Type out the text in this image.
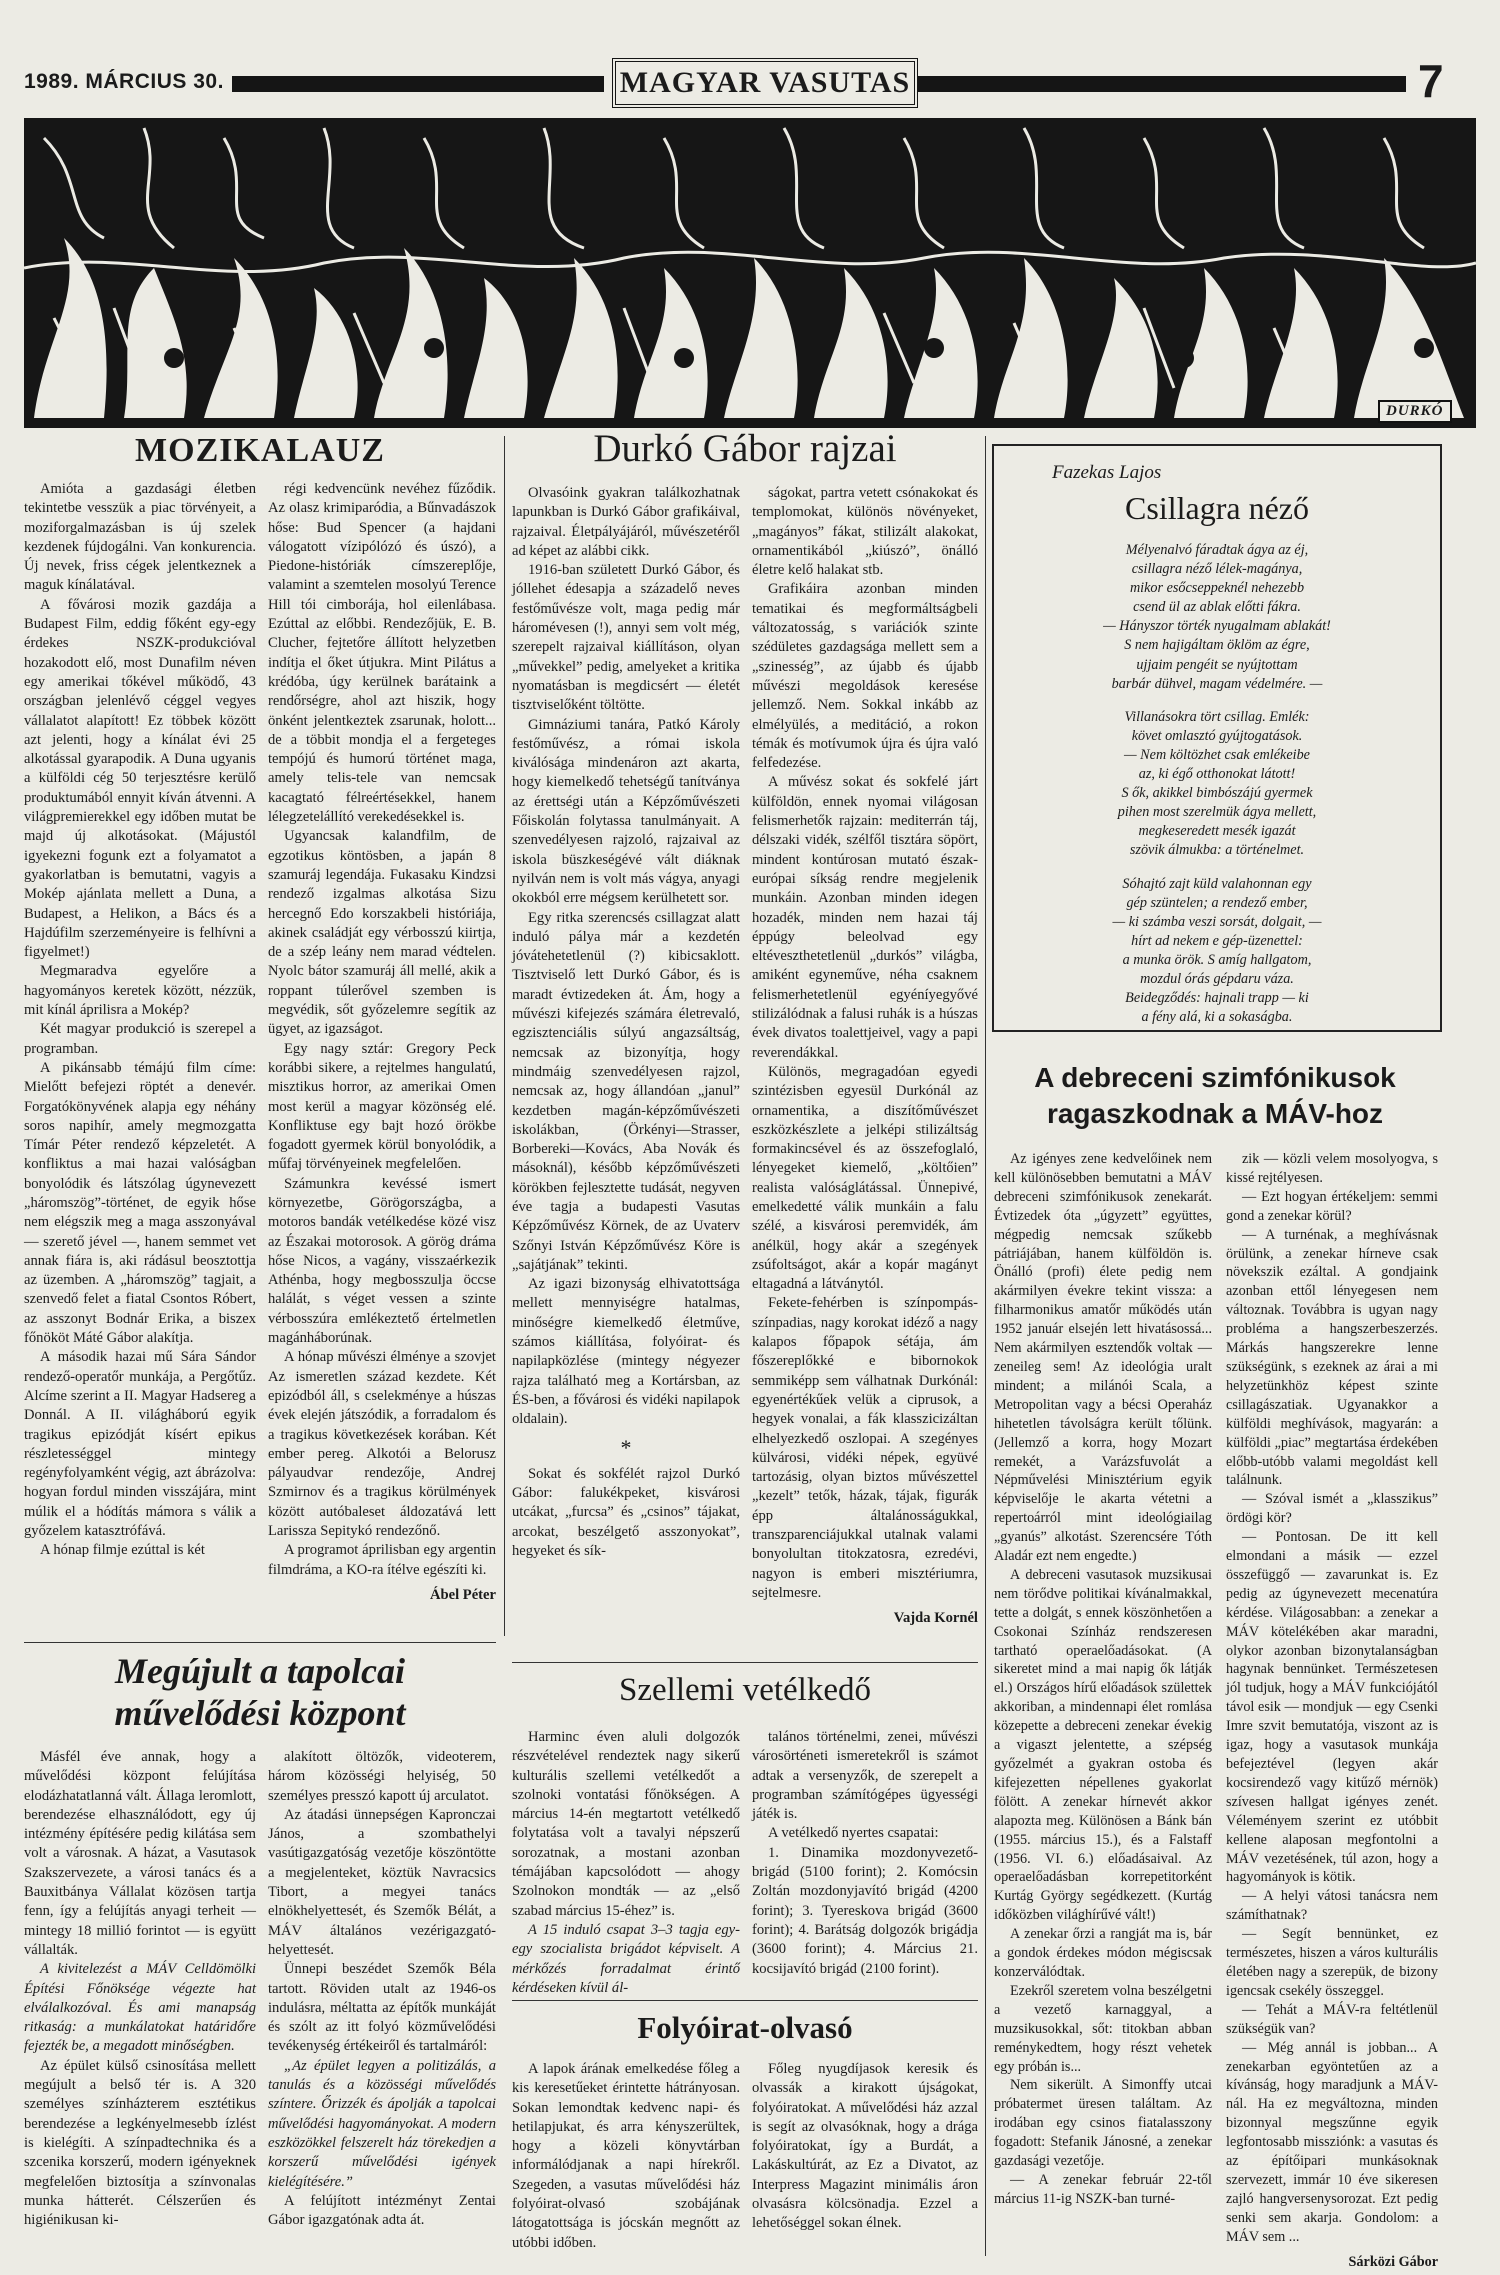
1989. MÁRCIUS 30.	MAGYAR VASUTAS	7
DURKÓ
MOZIKALAUZ

Amióta a gazdasági életben tekintetbe vesszük a piac törvényeit, a moziforgalmazásban is új szelek kezdenek fújdogálni. Van konkurencia. Új nevek, friss cégek jelentkeznek a maguk kínálatával.

A fővárosi mozik gazdája a Budapest Film, eddig főként egy-egy érdekes NSZK-produkcióval hozakodott elő, most Dunafilm néven egy amerikai tőkével működő, 43 országban jelenlévő céggel vegyes vállalatot alapított! Ez többek között azt jelenti, hogy a kínálat évi 25 alkotással gyarapodik. A Duna ugyanis a külföldi cég 50 terjesztésre kerülő produktumából ennyit kíván átvenni. A világpremierekkel egy időben mutat be majd új alkotásokat. (Májustól igyekezni fogunk ezt a folyamatot a gyakorlatban is bemutatni, vagyis a Mokép ajánlata mellett a Duna, a Budapest, a Helikon, a Bács és a Hajdúfilm szerzeményeire is felhívni a figyelmet!)

Megmaradva egyelőre a hagyományos keretek között, nézzük, mit kínál áprilisra a Mokép?

Két magyar produkció is szerepel a programban.

A pikánsabb témájú film címe: Mielőtt befejezi röptét a denevér. Forgatókönyvének alapja egy néhány soros napihír, amely megmozgatta Tímár Péter rendező képzeletét. A konfliktus a mai hazai valóságban bonyolódik és látszólag úgynevezett „háromszög”-történet, de egyik hőse nem elégszik meg a maga asszonyával — szerető jével —, hanem semmet vet annak fiára is, aki rádásul beosztottja az üzemben. A „háromszög” tagjait, a szenvedő felet a fiatal Csontos Róbert, az asszonyt Bodnár Erika, a biszex főnököt Máté Gábor alakítja.

A második hazai mű Sára Sándor rendező-operatőr munkája, a Pergőtűz. Alcíme szerint a II. Magyar Hadsereg a Donnál. A II. világháború egyik tragikus epizódját kísért epikus részletességgel mintegy regényfolyamként végig, azt ábrázolva: hogyan fordul minden visszájára, mint múlik el a hódítás mámora s válik a győzelem katasztrófává.

A hónap filmje ezúttal is két

régi kedvencünk nevéhez fűződik. Az olasz krimiparódia, a Bűnvadászok hőse: Bud Spencer (a hajdani válogatott vízipólózó és úszó), a Piedone-históriák címszereplője, valamint a szemtelen mosolyú Terence Hill tói cimborája, hol eilenlábasa. Ezúttal az előbbi. Rendezőjük, E. B. Clucher, fejtetőre állított helyzetben indítja el őket útjukra. Mint Pilátus a krédóba, úgy kerülnek barátaink a rendőrségre, ahol azt hiszik, hogy önként jelentkeztek zsarunak, holott... de a többit mondja el a fergeteges tempójú és humorú történet maga, amely telis-tele van nemcsak kacagtató félreértésekkel, hanem lélegzetelállító verekedésekkel is.

Ugyancsak kalandfilm, de egzotikus köntösben, a japán 8 szamuráj legendája. Fukasaku Kindzsi rendező izgalmas alkotása Sizu hercegnő Edo korszakbeli históriája, akinek családját egy vérbosszú kiirtja, de a szép leány nem marad védtelen. Nyolc bátor szamuráj áll mellé, akik a roppant túlerővel szemben is megvédik, sőt győzelemre segítik az ügyet, az igazságot.

Egy nagy sztár: Gregory Peck korábbi sikere, a rejtelmes hangulatú, misztikus horror, az amerikai Omen most kerül a magyar közönség elé. Konfliktuse egy bajt hozó örökbe fogadott gyermek körül bonyolódik, a műfaj törvényeinek megfelelően.

Számunkra kevéssé ismert környezetbe, Görögországba, a motoros bandák vetélkedése közé visz az Északai motorosok. A görög dráma hőse Nicos, a vagány, visszaérkezik Athénba, hogy megbosszulja öccse halálát, s véget vessen a szinte vérbosszúra emlékeztető értelmetlen magánháborúnak.

A hónap művészi élménye a szovjet Az ismeretlen század kezdete. Két epizódból áll, s cselekménye a húszas évek elején játszódik, a forradalom és a tragikus következések korában. Két ember pereg. Alkotói a Belorusz pályaudvar rendezője, Andrej Szmirnov és a tragikus körülmények között autóbaleset áldozatává lett Larissza Sepitykó rendezőnő.

A programot áprilisban egy argentin filmdráma, a KO-ra ítélve egészíti ki.

Ábel Péter

Durkó Gábor rajzai

Olvasóink gyakran találkozhatnak lapunkban is Durkó Gábor grafikáival, rajzaival. Életpályájáról, művészetéről ad képet az alábbi cikk.

1916-ban született Durkó Gábor, és jóllehet édesapja a századelő neves festőművésze volt, maga pedig már háromévesen (!), annyi sem volt még, szerepelt rajzaival kiállításon, olyan „művekkel” pedig, amelyeket a kritika nyomatásban is megdicsért — életét tisztviselőként töltötte.

Gimnáziumi tanára, Patkó Károly festőművész, a római iskola kiválósága mindenáron azt akarta, hogy kiemelkedő tehetségű tanítványa az érettségi után a Képzőművészeti Főiskolán folytassa tanulmányait. A szenvedélyesen rajzoló, rajzaival az iskola büszkeségévé vált diáknak nyilván nem is volt más vágya, anyagi okokból erre mégsem kerülhetett sor.

Egy ritka szerencsés csillagzat alatt induló pálya már a kezdetén jóvátehetetlenül (?) kibicsaklott. Tisztviselő lett Durkó Gábor, és is maradt évtizedeken át. Ám, hogy a művészi kifejezés számára életrevaló, egzisztenciális súlyú angazsáltság, nemcsak az bizonyítja, hogy mindmáig szenvedélyesen rajzol, nemcsak az, hogy állandóan „janul” kezdetben magán-képzőművészeti iskolákban, (Örkényi—Strasser, Borbereki—Kovács, Aba Novák és másoknál), később képzőművészeti körökben fejlesztette tudását, negyven éve tagja a budapesti Vasutas Képzőművész Körnek, de az Uvaterv Szőnyi István Képzőművész Köre is „sajátjának” tekinti.

Az igazi bizonyság elhivatottsága mellett mennyiségre hatalmas, minőségre kiemelkedő életműve, számos kiállítása, folyóirat- és napilapközlése (mintegy négyezer rajza található meg a Kortársban, az ÉS-ben, a fővárosi és vidéki napilapok oldalain).

*

Sokat és sokfélét rajzol Durkó Gábor: falukékpeket, kisvárosi utcákat, „furcsa” és „csinos” tájakat, arcokat, beszélgető asszonyokat”, hegyeket és sík-

ságokat, partra vetett csónakokat és templomokat, különös növényeket, „magányos” fákat, stilizált alakokat, ornamentikából „kiúszó”, önálló életre kelő halakat stb.

Grafikáira azonban minden tematikai és megformáltságbeli változatosság, s variációk szinte szédületes gazdagsága mellett sem a „szinesség”, az újabb és újabb művészi megoldások keresése jellemző. Nem. Sokkal inkább az elmélyülés, a meditáció, a rokon témák és motívumok újra és újra való felfedezése.

A művész sokat és sokfelé járt külföldön, ennek nyomai világosan felismerhetők rajzain: mediterrán táj, délszaki vidék, szélfől tisztára söpört, mindent kontúrosan mutató észak-európai síkság rendre megjelenik munkáin. Azonban minden idegen hozadék, minden nem hazai táj éppúgy beleolvad egy eltéveszthetetlenül „durkós” világba, amiként egyneműve, néha csaknem felismerhetetlenül egyéníyegyővé stilizálódnak a falusi ruhák is a húszas évek divatos toalettjeivel, vagy a papi reverendákkal.

Különös, megragadóan egyedi szintézisben egyesül Durkónál az ornamentika, a diszítőművészet eszközkészlete a jelképi stilizáltság formakincsével és az összefoglaló, lényegeket kiemelő, „költőien” realista valóságlátással. Ünnepivé, emelkedetté válik munkáin a falu szélé, a kisvárosi peremvidék, ám anélkül, hogy akár a szegények zsúfoltságot, akár a kopár magányt eltagadná a látványtól.

Fekete-fehérben is színpompás-színpadias, nagy korokat idéző a nagy kalapos főpapok sétája, ám főszereplőkké e bibornokok semmiképp sem válhatnak Durkónál: egyenértékűek velük a ciprusok, a hegyek vonalai, a fák klasszicizáltan elhelyezkedő oszlopai. A szegényes külvárosi, vidéki népek, együvé tartozásig, olyan biztos művészettel „kezelt” tetők, házak, tájak, figurák épp általánosságukkal, transzparenciájukkal utalnak valami bonyolultan titokzatosra, ezredévi, nagyon is emberi misztériumra, sejtelmesre.

Vajda Kornél

Fazekas Lajos
Csillagra néző
Mélyenalvó fáradtak ágya az éj,
csillagra néző lélek-magánya,
mikor esőcseppeknél nehezebb
csend ül az ablak előtti fákra.
— Hányszor törték nyugalmam ablakát!
S nem hajigáltam öklöm az égre,
ujjaim pengéit se nyújtottam
barbár dühvel, magam védelmére. —
Villanásokra tört csillag. Emlék:
követ omlasztó gyújtogatások.
— Nem költözhet csak emlékeibe
az, ki égő otthonokat látott!
S ők, akikkel bimbószájú gyermek
pihen most szerelmük ágya mellett,
megkeseredett mesék igazát
szövik álmukba: a történelmet.
Sóhajtó zajt küld valahonnan egy
gép szüntelen; a rendező ember,
— ki számba veszi sorsát, dolgait, —
hírt ad nekem e gép-üzenettel:
a munka örök. S amíg hallgatom,
mozdul órás gépdaru váza.
Beidegződés: hajnali trapp — ki
a fény alá, ki a sokaságba.
A debreceni szimfónikusok
ragaszkodnak a MÁV-hoz

Az igényes zene kedvelőinek nem kell különösebben bemutatni a MÁV debreceni szimfónikusok zenekarát. Évtizedek óta „úgyzett” együttes, mégpedig nemcsak szűkebb pátriájában, hanem külföldön is. Önálló (profi) élete pedig nem akármilyen évekre tekint vissza: a filharmonikus amatőr működés után 1952 január elsején lett hivatásossá... Nem akármilyen esztendők voltak — zeneileg sem! Az ideológia uralt mindent; a milánói Scala, a Metropolitan vagy a bécsi Operaház hihetetlen távolságra került tőlünk. (Jellemző a korra, hogy Mozart remekét, a Varázsfuvolát a Népművelési Minisztérium egyik képviselője le akarta vétetni a repertoárról mint ideológiailag „gyanús” alkotást. Szerencsére Tóth Aladár ezt nem engedte.)

A debreceni vasutasok muzsikusai nem törődve politikai kívánalmakkal, tette a dolgát, s ennek köszönhetően a Csokonai Színház rendszeresen tartható operaelőadásokat. (A sikeretet mind a mai napig ők látják el.) Országos hírű előadások születtek akkoriban, a mindennapi élet romlása közepette a debreceni zenekar évekig a vigaszt jelentette, a szépség győzelmét a gyakran ostoba és kifejezetten népellenes gyakorlat fölött. A zenekar hírnevét akkor alapozta meg. Különösen a Bánk bán (1955. március 15.), és a Falstaff (1956. VI. 6.) előadásaival. Az operaelőadásban korrepetitorként Kurtág György segédkezett. (Kurtág időközben világhírűvé vált!)

A zenekar őrzi a rangját ma is, bár a gondok érdekes módon mégiscsak konzerválódtak.

Ezekről szeretem volna beszélgetni a vezető karnaggyal, a muzsikusokkal, sőt: titokban abban reménykedtem, hogy részt vehetek egy próbán is...

Nem sikerült. A Simonffy utcai próbatermet üresen találtam. Az irodában egy csinos fiatalasszony fogadott: Stefanik Jánosné, a zenekar gazdasági vezetője.

— A zenekar február 22-től március 11-ig NSZK-ban turné-

zik — közli velem mosolyogva, s kissé rejtélyesen.

— Ezt hogyan értékeljem: semmi gond a zenekar körül?

— A turnénak, a meghívásnak örülünk, a zenekar hírneve csak növekszik ezáltal. A gondjaink azonban ettől lényegesen nem változnak. Továbbra is ugyan nagy probléma a hangszerbeszerzés. Márkás hangszerekre lenne szükségünk, s ezeknek az árai a mi helyzetünkhöz képest szinte csillagászatiak. Ugyanakkor a külföldi meghívások, magyarán: a külföldi „piac” megtartása érdekében előbb-utóbb valami megoldást kell találnunk.

— Szóval ismét a „klasszikus” ördögi kör?

— Pontosan. De itt kell elmondani a másik — ezzel összefüggő — zavarunkat is. Ez pedig az úgynevezett mecenatúra kérdése. Világosabban: a zenekar a MÁV kötelékében akar maradni, olykor azonban bizonytalanságban hagynak bennünket. Természetesen jól tudjuk, hogy a MÁV funkciójától távol esik — mondjuk — egy Csenki Imre szvit bemutatója, viszont az is igaz, hogy a vasutasok munkája befejeztével (legyen akár kocsirendező vagy kitűző mérnök) szívesen hallgat igényes zenét. Véleményem szerint ez utóbbit kellene alaposan megfontolni a MÁV vezetésének, túl azon, hogy a hagyományok is kötik.

— A helyi vátosi tanácsra nem számíthatnak?

— Segít bennünket, ez természetes, hiszen a város kulturális életében nagy a szerepük, de bizony igencsak csekély összeggel.

— Tehát a MÁV-ra feltétlenül szükségük van?

— Még annál is jobban... A zenekarban egyöntetűen az a kívánság, hogy maradjunk a MÁV-nál. Ha ez megváltozna, minden bizonnyal megszűnne egyik legfontosabb missziónk: a vasutas és az építőipari munkásoknak szervezett, immár 10 éve sikeresen zajló hangversenysorozat. Ezt pedig senki sem akarja. Gondolom: a MÁV sem ...

Sárközi Gábor

Megújult a tapolcai
művelődési központ

Másfél éve annak, hogy a művelődési központ felújítása elodázhatatlanná vált. Állaga leromlott, berendezése elhasználódott, egy új intézmény építésére pedig kilátása sem volt a városnak. A házat, a Vasutasok Szakszervezete, a városi tanács és a Bauxitbánya Vállalat közösen tartja fenn, így a felújítás anyagi terheit — mintegy 18 millió forintot — is együtt vállalták.

A kivitelezést a MÁV Celldömölki Építési Főnöksége végezte hat elválalkozóval. És ami manapság ritkaság: a munkálatokat határidőre fejezték be, a megadott minőségben.

Az épület külső csinosítása mellett megújult a belső tér is. A 320 személyes színházterem esztétikus berendezése a legkényelmesebb ízlést is kielégíti. A színpadtechnika és a szcenika korszerű, modern igényeknek megfelelően biztosítja a színvonalas munka hátterét. Célszerűen és higiénikusan ki-

alakított öltözők, videoterem, három közösségi helyiség, 50 személyes presszó kapott új arculatot.

Az átadási ünnepségen Kapronczai János, a szombathelyi vasútigazgatóság vezetője köszöntötte a megjelenteket, köztük Navracsics Tibort, a megyei tanács elnökhelyettesét, és Szemők Bélát, a MÁV általános vezérigazgató-helyettesét.

Ünnepi beszédet Szemők Béla tartott. Röviden utalt az 1946-os indulásra, méltatta az építők munkáját és szólt az itt folyó közművelődési tevékenység értékeiről és tartalmáról:

„Az épület legyen a politizálás, a tanulás és a közösségi művelődés színtere. Őrizzék és ápolják a tapolcai művelődési hagyományokat. A modern eszközökkel felszerelt ház törekedjen a korszerű művelődési igények kielégítésére.”

A felújított intézményt Zentai Gábor igazgatónak adta át.

Szellemi vetélkedő

Harminc éven aluli dolgozók részvételével rendeztek nagy sikerű kulturális szellemi vetélkedőt a szolnoki vontatási főnökségen. A március 14-én megtartott vetélkedő folytatása volt a tavalyi népszerű sorozatnak, a mostani azonban témájában kapcsolódott — ahogy Szolnokon mondták — az „első szabad március 15-éhez” is.

A 15 induló csapat 3–3 tagja egy-egy szocialista brigádot képviselt. A mérkőzés forradalmat érintő kérdéseken kívül ál-

talános történelmi, zenei, művészi városörténeti ismeretekről is számot adtak a versenyzők, de szerepelt a programban számítógépes ügyességi játék is.

A vetélkedő nyertes csapatai:

1. Dinamika mozdonyvezető-brigád (5100 forint); 2. Komócsin Zoltán mozdonyjavító brigád (4200 forint); 3. Tyereskova brigád (3600 forint); 4. Barátság dolgozók brigádja (3600 forint); 4. Március 21. kocsijavító brigád (2100 forint).

Folyóirat-olvasó

A lapok árának emelkedése főleg a kis keresetűeket érintette hátrányosan. Sokan lemondtak kedvenc napi- és hetilapjukat, és arra kényszerültek, hogy a közeli könyvtárban informálódjanak a napi hírekről. Szegeden, a vasutas művelődési ház folyóirat-olvasó szobájának látogatottsága is jócskán megnőtt az utóbbi időben.

Főleg nyugdíjasok keresik és olvassák a kirakott újságokat, folyóiratokat. A művelődési ház azzal is segít az olvasóknak, hogy a drága folyóiratokat, így a Burdát, a Lakáskultúrát, az Ez a Divatot, az Interpress Magazint minimális áron olvasásra kölcsönadja. Ezzel a lehetőséggel sokan élnek.
